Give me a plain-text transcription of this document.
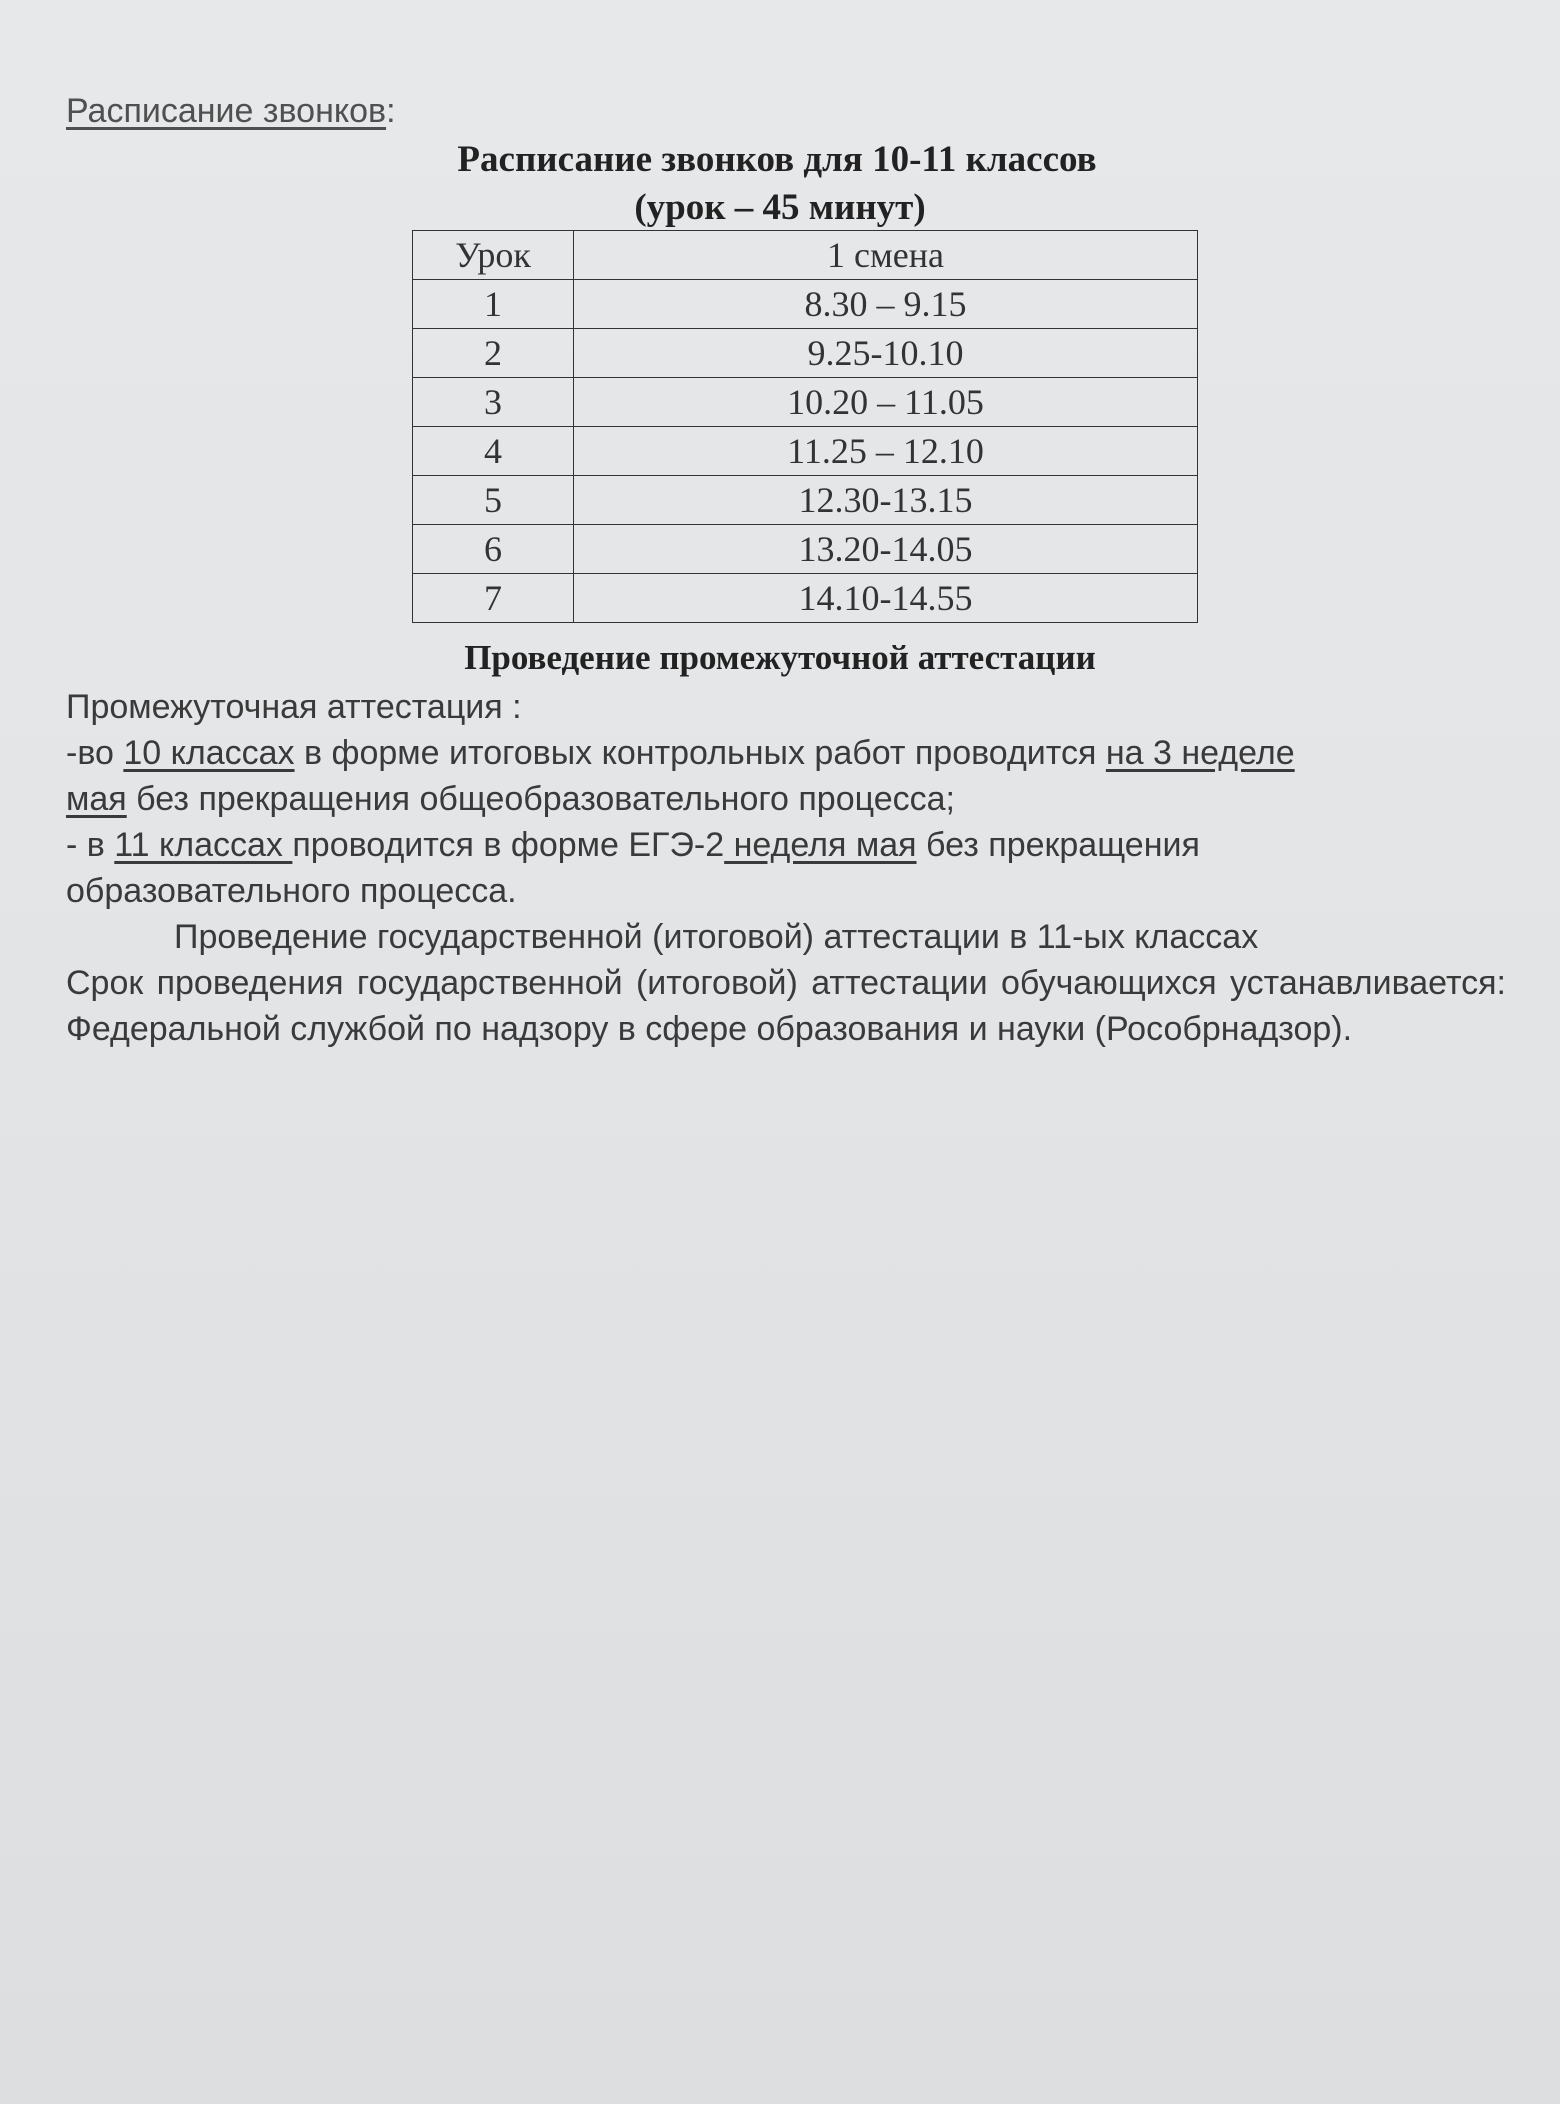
Расписание звонков:
Расписание звонков для 10-11 классов
(урок – 45 минут)
Урок	1 смена
1	8.30 – 9.15
2	9.25-10.10
3	10.20 – 11.05
4	11.25 – 12.10
5	12.30-13.15
6	13.20-14.05
7	14.10-14.55
Проведение промежуточной аттестации
Промежуточная аттестация :
-во 10 классах в форме итоговых контрольных работ проводится на 3 неделе
мая без прекращения общеобразовательного процесса;
- в 11 классах проводится в форме ЕГЭ-2 неделя мая без прекращения
образовательного процесса.
Проведение государственной (итоговой) аттестации в 11-ых классах
Срок проведения государственной (итоговой) аттестации обучающихся устанавливается: Федеральной службой по надзору в сфере образования и науки (Рособрнадзор).
